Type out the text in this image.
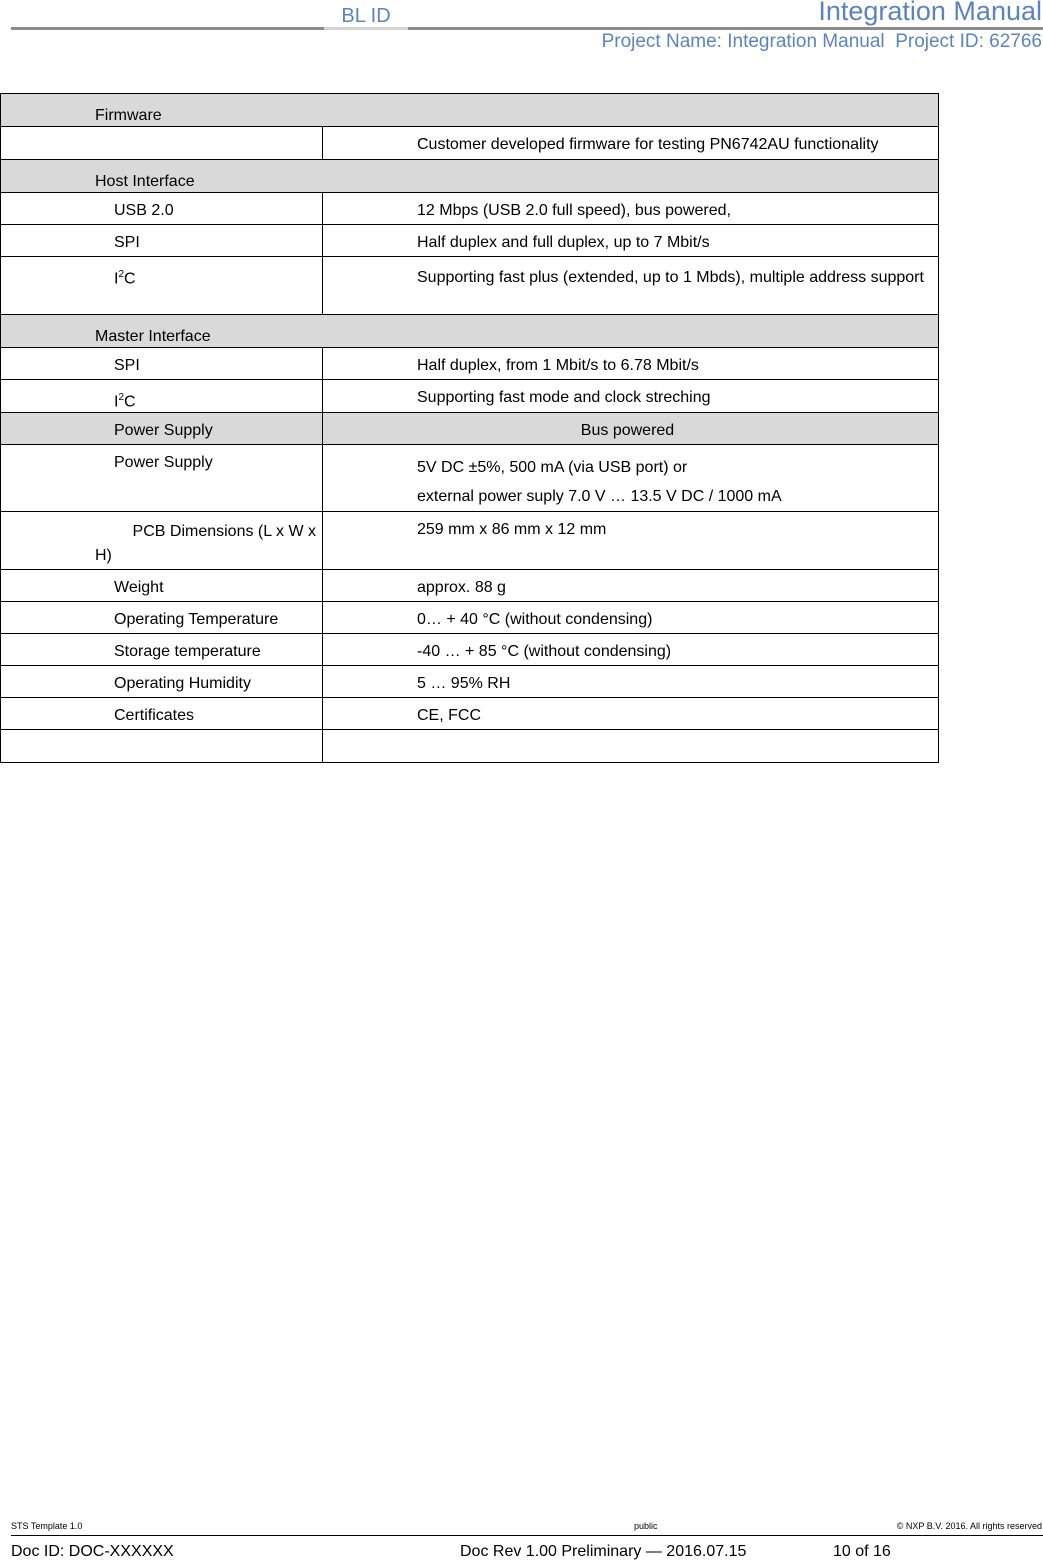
BL ID	Integration Manual
Project Name: Integration Manual Project ID: 62766
Firmware	
	Customer developed firmware for testing PN6742AU functionality
Host Interface	
USB 2.0	12 Mbps (USB 2.0 full speed), bus powered,
SPI	Half duplex and full duplex, up to 7 Mbit/s
$I^2C$	Supporting fast plus (extended, up to 1 Mbds), multiple address support
Master Interface	
SPI	Half duplex, from 1 Mbit/s to 6.78 Mbit/s
$I^2C$	Supporting fast mode and clock streching
Power Supply	Bus powered
Power Supply	5V DC ±5%, 500 mA (via USB port) or
external power suply 7.0 V … 13.5 V DC / 1000 mA

PCB Dimensions (L x W x
H)	259 mm x 86 mm x 12 mm
Weight	approx. 88 g
Operating Temperature	0… + 40 °C (without condensing)
Storage temperature	-40 … + 85 °C (without condensing)
Operating Humidity	5 … 95% RH
Certificates	CE, FCC

STS Template 1.0	public	© NXP B.V. 2016. All rights reserved
Doc ID: DOC-XXXXXX	Doc Rev 1.00 Preliminary — 2016.07.15	10 of 16
